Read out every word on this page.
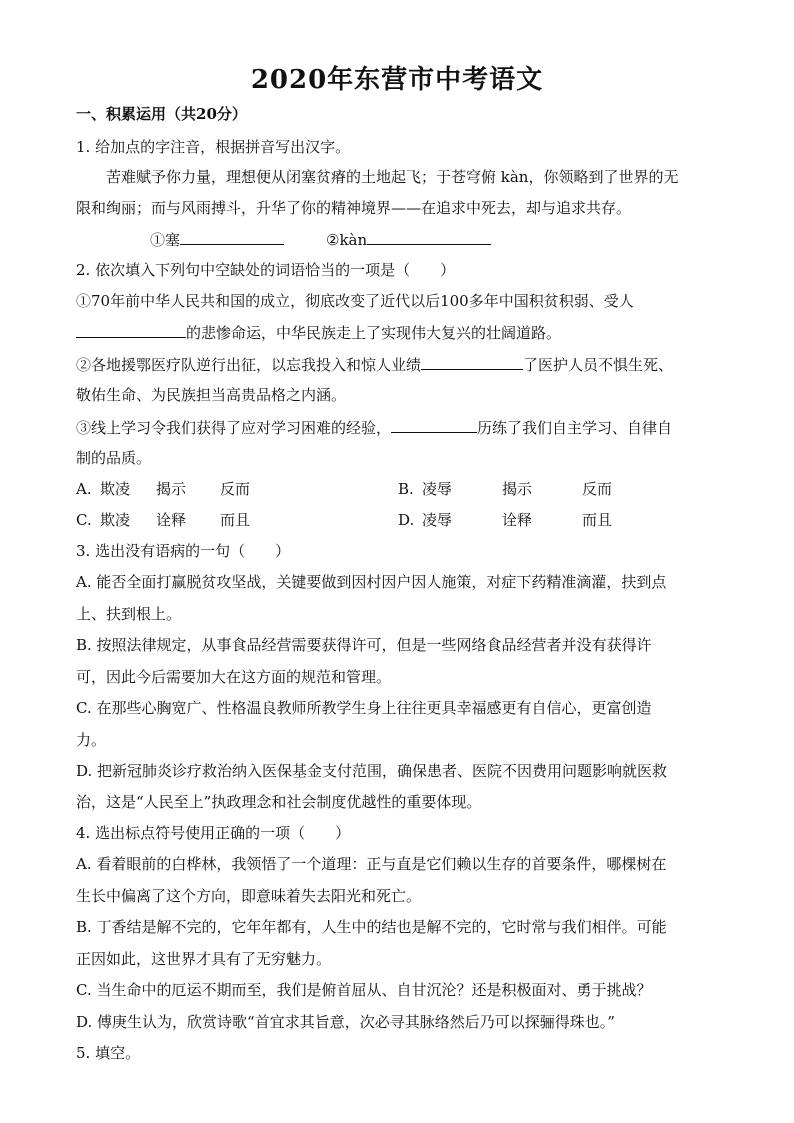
2020年东营市中考语文
一、积累运用（共20分）
1. 给加点的字注音，根据拼音写出汉字。
苦难赋予你力量，理想便从闭塞贫瘠的土地起飞；于苍穹俯 kàn，你领略到了世界的无
限和绚丽；而与风雨搏斗，升华了你的精神境界——在追求中死去，却与追求共存。
①塞	②kàn
2. 依次填入下列句中空缺处的词语恰当的一项是（　　）
①70年前中华人民共和国的成立，彻底改变了近代以后100多年中国积贫积弱、受人
的悲惨命运，中华民族走上了实现伟大复兴的壮阔道路。
②各地援鄂医疗队逆行出征，以忘我投入和惊人业绩	了医护人员不惧生死、
敬佑生命、为民族担当高贵品格之内涵。
③线上学习令我们获得了应对学习困难的经验，	历练了我们自主学习、自律自
制的品质。
A. 欺凌 揭示 反而	B. 凌辱	揭示	反而
C. 欺凌 诠释 而且	D. 凌辱	诠释	而且
3. 选出没有语病的一句（　　）
A. 能否全面打赢脱贫攻坚战，关键要做到因村因户因人施策，对症下药精准滴灌，扶到点
上、扶到根上。
B. 按照法律规定，从事食品经营需要获得许可，但是一些网络食品经营者并没有获得许
可，因此今后需要加大在这方面的规范和管理。
C. 在那些心胸宽广、性格温良教师所教学生身上往往更具幸福感更有自信心，更富创造
力。
D. 把新冠肺炎诊疗救治纳入医保基金支付范围，确保患者、医院不因费用问题影响就医救
治，这是“人民至上”执政理念和社会制度优越性的重要体现。
4. 选出标点符号使用正确的一项（　　）
A. 看着眼前的白桦林，我领悟了一个道理：正与直是它们赖以生存的首要条件，哪棵树在
生长中偏离了这个方向，即意味着失去阳光和死亡。
B. 丁香结是解不完的，它年年都有，人生中的结也是解不完的，它时常与我们相伴。可能
正因如此，这世界才具有了无穷魅力。
C. 当生命中的厄运不期而至，我们是俯首屈从、自甘沉沦？还是积极面对、勇于挑战？
D. 傅庚生认为，欣赏诗歌“首宜求其旨意，次必寻其脉络然后乃可以探骊得珠也。”
5. 填空。
